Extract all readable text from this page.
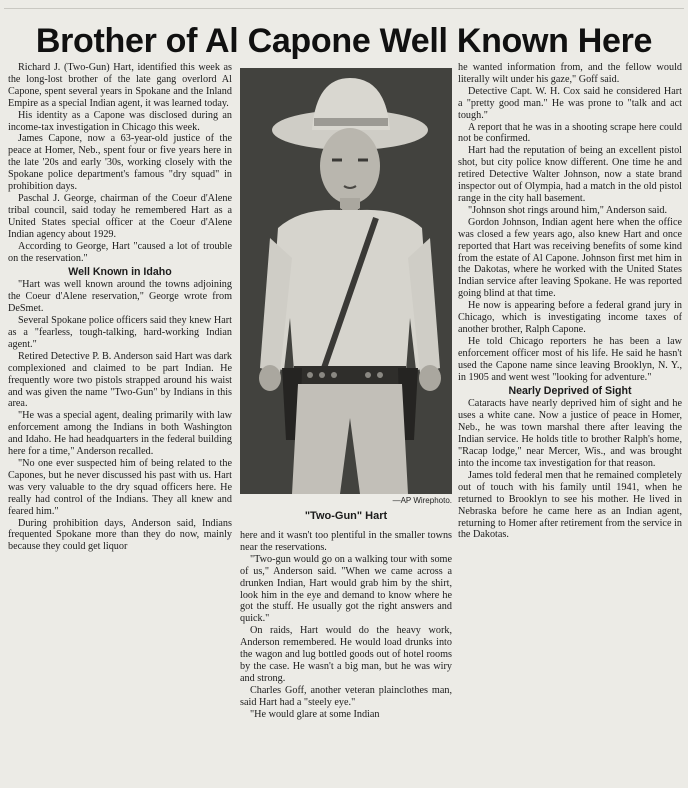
Brother of Al Capone Well Known Here

Richard J. (Two-Gun) Hart, identified this week as the long-lost brother of the late gang overlord Al Capone, spent several years in Spokane and the Inland Empire as a special Indian agent, it was learned today.

His identity as a Capone was disclosed during an income-tax investigation in Chicago this week.

James Capone, now a 63-year-old justice of the peace at Homer, Neb., spent four or five years here in the late '20s and early '30s, working closely with the Spokane police department's famous "dry squad" in prohibition days.

Paschal J. George, chairman of the Coeur d'Alene tribal council, said today he remembered Hart as a United States special officer at the Coeur d'Alene Indian agency about 1929.

According to George, Hart "caused a lot of trouble on the reservation."

Well Known in Idaho

"Hart was well known around the towns adjoining the Coeur d'Alene reservation," George wrote from DeSmet.

Several Spokane police officers said they knew Hart as a "fearless, tough-talking, hard-working Indian agent."

Retired Detective P. B. Anderson said Hart was dark complexioned and claimed to be part Indian. He frequently wore two pistols strapped around his waist and was given the name "Two-Gun" by Indians in this area.

"He was a special agent, dealing primarily with law enforcement among the Indians in both Washington and Idaho. He had headquarters in the federal building here for a time," Anderson recalled.

"No one ever suspected him of being related to the Capones, but he never discussed his past with us. Hart was very valuable to the dry squad officers here. He really had control of the Indians. They all knew and feared him."

During prohibition days, Anderson said, Indians frequented Spokane more than they do now, mainly because they could get liquor

—AP Wirephoto.
"Two-Gun" Hart

here and it wasn't too plentiful in the smaller towns near the reservations.

"Two-gun would go on a walking tour with some of us," Anderson said. "When we came across a drunken Indian, Hart would grab him by the shirt, look him in the eye and demand to know where he got the stuff. He usually got the right answers and quick."

On raids, Hart would do the heavy work, Anderson remembered. He would load drunks into the wagon and lug bottled goods out of hotel rooms by the case. He wasn't a big man, but he was wiry and strong.

Charles Goff, another veteran plainclothes man, said Hart had a "steely eye."

"He would glare at some Indian

he wanted information from, and the fellow would literally wilt under his gaze," Goff said.

Detective Capt. W. H. Cox said he considered Hart a "pretty good man." He was prone to "talk and act tough."

A report that he was in a shooting scrape here could not be confirmed.

Hart had the reputation of being an excellent pistol shot, but city police know different. One time he and retired Detective Walter Johnson, now a state brand inspector out of Olympia, had a match in the old pistol range in the city hall basement.

"Johnson shot rings around him," Anderson said.

Gordon Johnson, Indian agent here when the office was closed a few years ago, also knew Hart and once reported that Hart was receiving benefits of some kind from the estate of Al Capone. Johnson first met him in the Dakotas, where he worked with the United States Indian service after leaving Spokane. He was reported going blind at that time.

He now is appearing before a federal grand jury in Chicago, which is investigating income taxes of another brother, Ralph Capone.

He told Chicago reporters he has been a law enforcement officer most of his life. He said he hasn't used the Capone name since leaving Brooklyn, N. Y., in 1905 and went west "looking for adventure."

Nearly Deprived of Sight

Cataracts have nearly deprived him of sight and he uses a white cane. Now a justice of peace in Homer, Neb., he was town marshal there after leaving the Indian service. He holds title to brother Ralph's home, "Racap lodge," near Mercer, Wis., and was brought into the income tax investigation for that reason.

James told federal men that he remained completely out of touch with his family until 1941, when he returned to Brooklyn to see his mother. He lived in Nebraska before he came here as an Indian agent, returning to Homer after retirement from the service in the Dakotas.
